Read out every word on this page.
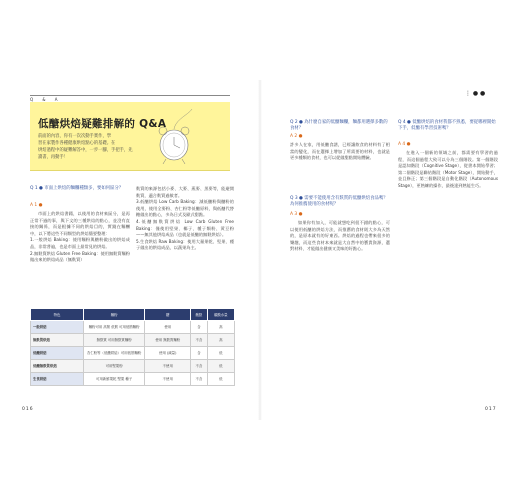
Q & A
低醣烘焙疑難排解的 Q&A
前面的內容，你有一次次動手實作，學
習在家製作各種健康烘焙點心的基礎。在
烘焙過程中的疑難解答中，一步一腳，手把手，先
讀書，再動手！
Q 1 ● 市面上烘焙的麵糰種類多，要如何區分？
A 1 ●
市面上的烘焙書籍，以使用的食材來區分，是再正常不過的事，與下文的三種烘焙的點心，並沒有直接的關係，而是根據不同的烘焙目的，實踐在麵糰中，以下將這些不同類型的烘焙簡要整理：
1.一般烘焙 Baking：使用麵粉與糖粉做出的烘焙成品，非常普遍，也是市面上最常見的烘焙。
2.無麩質烘焙 Gluten Free Baking：使用無麩質麵粉做出來的烘焙成品（無麩質）
麩質的來源包括小麥、大麥、燕麥、黑麥等，能避開麩質，適合麩質過敏者。
3.低醣烘焙 Low Carb Baking：減低醣粉與醣粉的使用，使用全麥粉、杏仁粉等低醣原料，與低醣代替糖做出的點心，多為日式及歐式甜點。
4.低醣無麩質烘焙 Low Carb Gluten Free Baking：僅使用堅果、椰子、種子類粉、黃豆粉——無其他烘焙成品（也就是低醣的無麩烘焙）。
5.生食烘焙 Raw Baking：使用大量果乾、堅果、種子做出的烘焙成品，以蔬果為主。
特色	麵粉	糖	飽麩	碳酸水量
一般烘焙	麵粉可用 高筋 低筋 可用低筋麵粉	使用	含	高
無麩質烘焙	無麩質 可用無麩質麵粉	使用 無麩質麵粉	不含	高
低醣烘焙	杏仁粉等（低醣烘焙）可用低筋麵粉	使用 (減量)	含	低
低醣無麩質烘焙	可用堅果粉	不使用	不含	低
生食烘焙	可用新鮮果乾 堅果 種子	不使用	不含	低
016
⋮ ● ●
Q 2 ● 為什麼自家的低醣麵糰，麵都用選擇多數的食材？
A 2 ●
許多人在家，用低醣食譜，已經讓飲食的材料有了相當的變化，而在選擇上增加了所需要的材料，也就是更多種類的食材，也可以從做甜點開始體驗。
Q 3 ● 需要不能使用含有麩質的低醣烘焙食品嗎？為何推薦使用的食材呢？
A 3 ●
如果你有加入，可能就想吃到很不錯的點心，可以使用低醣的烘焙方法，而推薦的食材則大多為天然的，是原本就有的好東西。烘焙的過程也帶來很多的樂趣，而這些食材本來就是大自然中的寶貴資源，選對材料、才能做出健康又美味的好點心。
Q 4 ● 低醣烘焙的食材我都不熟悉，要從哪裡開始下手，低醣有學習技術嗎？
A 4 ●
在進入一個新的領域之前，都需要有學習的過程，而這個過程大致可以分為三個階段。第一個階段是認知階段（Cognitive Stage），從書本開始學習；第二個階段是聯結階段（Motor Stage），開始動手，並且修正；第三個階段是自動化階段（Autonomous Stage），更熟練的操作，最後達到熟能生巧。
017
